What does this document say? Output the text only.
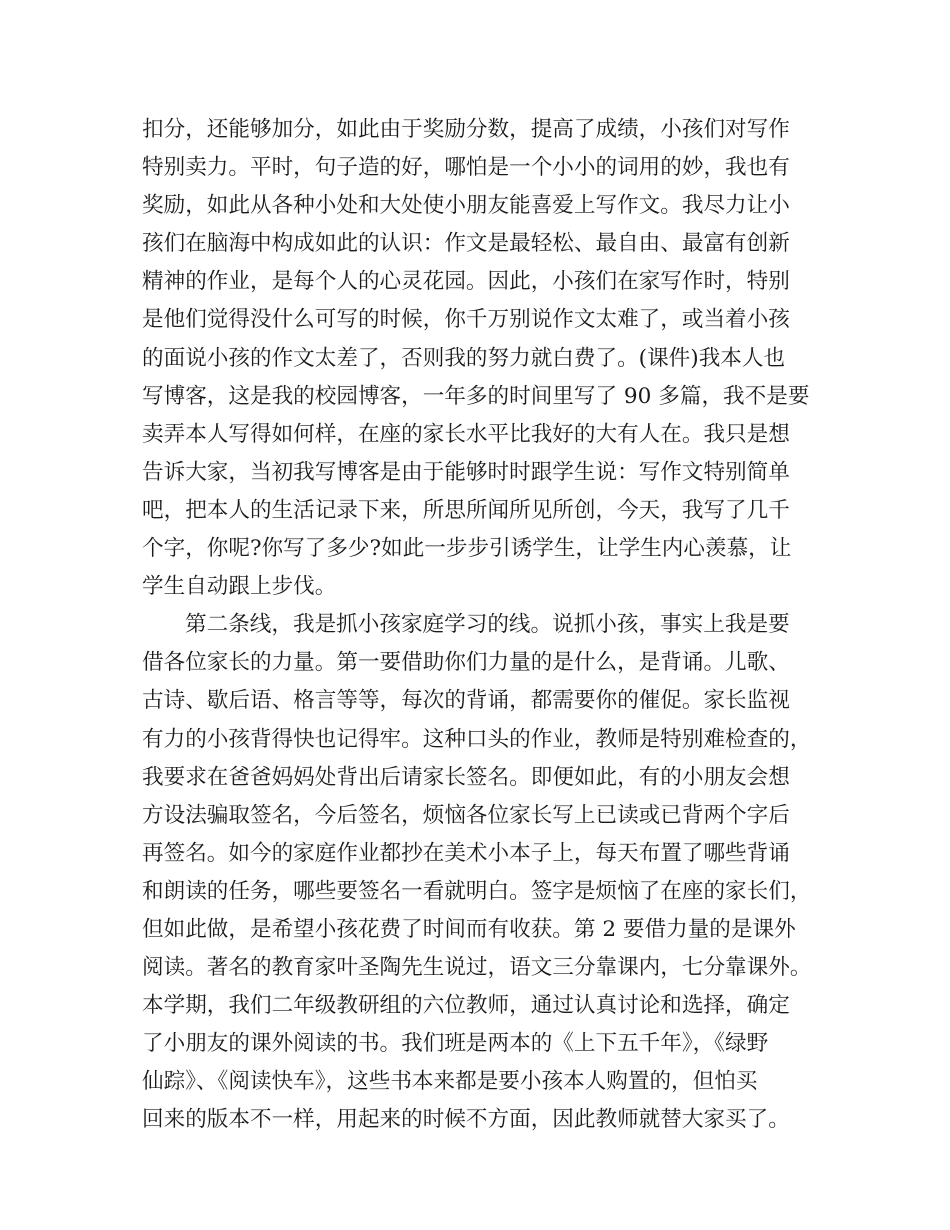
扣分，还能够加分，如此由于奖励分数，提高了成绩，小孩们对写作
特别卖力。平时，句子造的好，哪怕是一个小小的词用的妙，我也有
奖励，如此从各种小处和大处使小朋友能喜爱上写作文。我尽力让小
孩们在脑海中构成如此的认识：作文是最轻松、最自由、最富有创新
精神的作业，是每个人的心灵花园。因此，小孩们在家写作时，特别
是他们觉得没什么可写的时候，你千万别说作文太难了，或当着小孩
的面说小孩的作文太差了，否则我的努力就白费了。(课件)我本人也
写博客，这是我的校园博客，一年多的时间里写了 90 多篇，我不是要
卖弄本人写得如何样，在座的家长水平比我好的大有人在。我只是想
告诉大家，当初我写博客是由于能够时时跟学生说：写作文特别简单
吧，把本人的生活记录下来，所思所闻所见所创，今天，我写了几千
个字，你呢?你写了多少?如此一步步引诱学生，让学生内心羡慕，让
学生自动跟上步伐。
第二条线，我是抓小孩家庭学习的线。说抓小孩，事实上我是要
借各位家长的力量。第一要借助你们力量的是什么，是背诵。儿歌、
古诗、歇后语、格言等等，每次的背诵，都需要你的催促。家长监视
有力的小孩背得快也记得牢。这种口头的作业，教师是特别难检查的，
我要求在爸爸妈妈处背出后请家长签名。即便如此，有的小朋友会想
方设法骗取签名，今后签名，烦恼各位家长写上已读或已背两个字后
再签名。如今的家庭作业都抄在美术小本子上，每天布置了哪些背诵
和朗读的任务，哪些要签名一看就明白。签字是烦恼了在座的家长们，
但如此做，是希望小孩花费了时间而有收获。第 2 要借力量的是课外
阅读。著名的教育家叶圣陶先生说过，语文三分靠课内，七分靠课外。
本学期，我们二年级教研组的六位教师，通过认真讨论和选择，确定
了小朋友的课外阅读的书。我们班是两本的《上下五千年》，《绿野
仙踪》、《阅读快车》，这些书本来都是要小孩本人购置的，但怕买
回来的版本不一样，用起来的时候不方面，因此教师就替大家买了。
